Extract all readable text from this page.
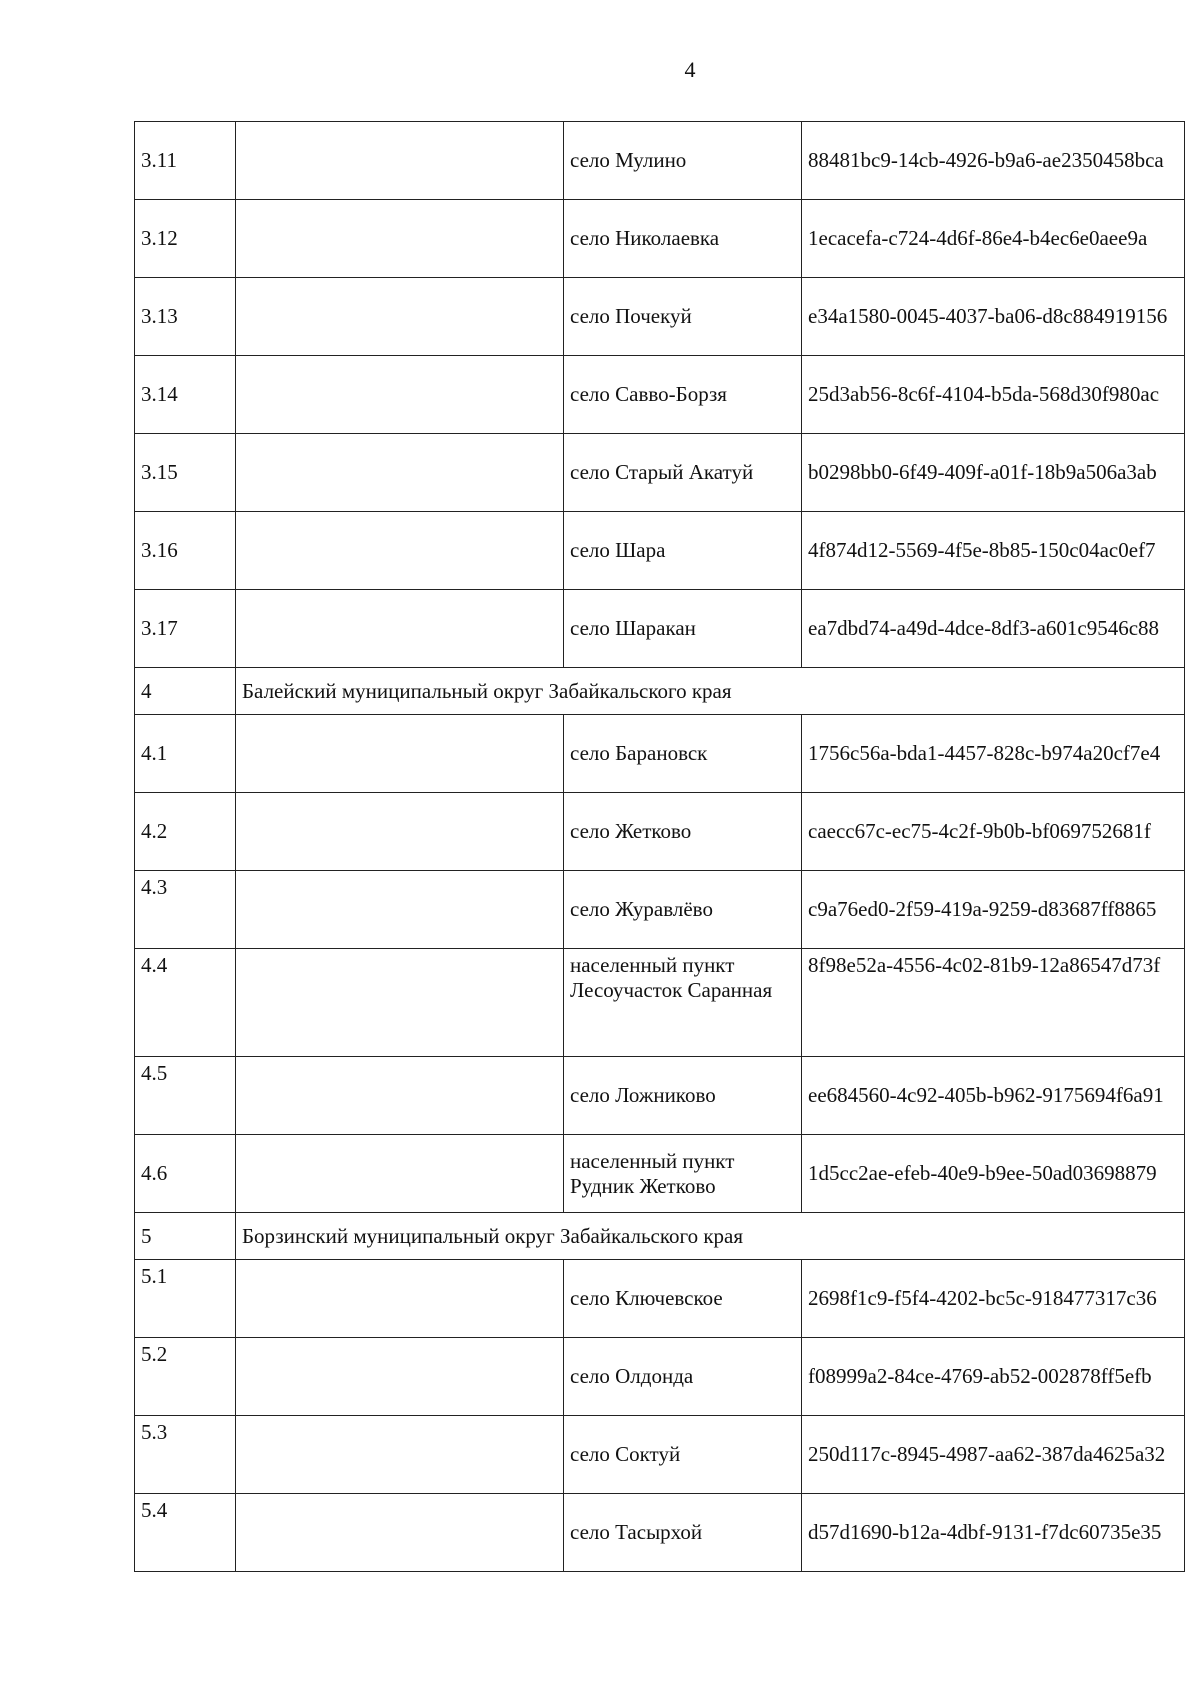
4
3.11		село Мулино	88481bc9-14cb-4926-b9a6-ae2350458bca
3.12		село Николаевка	1ecacefa-c724-4d6f-86e4-b4ec6e0aee9a
3.13		село Почекуй	e34a1580-0045-4037-ba06-d8c884919156
3.14		село Савво-Борзя	25d3ab56-8c6f-4104-b5da-568d30f980ac
3.15		село Старый Акатуй	b0298bb0-6f49-409f-a01f-18b9a506a3ab
3.16		село Шара	4f874d12-5569-4f5e-8b85-150c04ac0ef7
3.17		село Шаракан	ea7dbd74-a49d-4dce-8df3-a601c9546c88
4	Балейский муниципальный округ Забайкальского края		
4.1		село Барановск	1756c56a-bda1-4457-828c-b974a20cf7e4
4.2		село Жетково	caecc67c-ec75-4c2f-9b0b-bf069752681f
4.3		село Журавлёво	c9a76ed0-2f59-419a-9259-d83687ff8865
4.4		населенный пункт Лесоучасток Саранная	8f98e52a-4556-4c02-81b9-12a86547d73f
4.5		село Ложниково	ee684560-4c92-405b-b962-9175694f6a91
4.6		населенный пункт Рудник Жетково	1d5cc2ae-efeb-40e9-b9ee-50ad03698879
5	Борзинский муниципальный округ Забайкальского края		
5.1		село Ключевское	2698f1c9-f5f4-4202-bc5c-918477317c36
5.2		село Олдонда	f08999a2-84ce-4769-ab52-002878ff5efb
5.3		село Соктуй	250d117c-8945-4987-aa62-387da4625a32
5.4		село Тасырхой	d57d1690-b12a-4dbf-9131-f7dc60735e35
